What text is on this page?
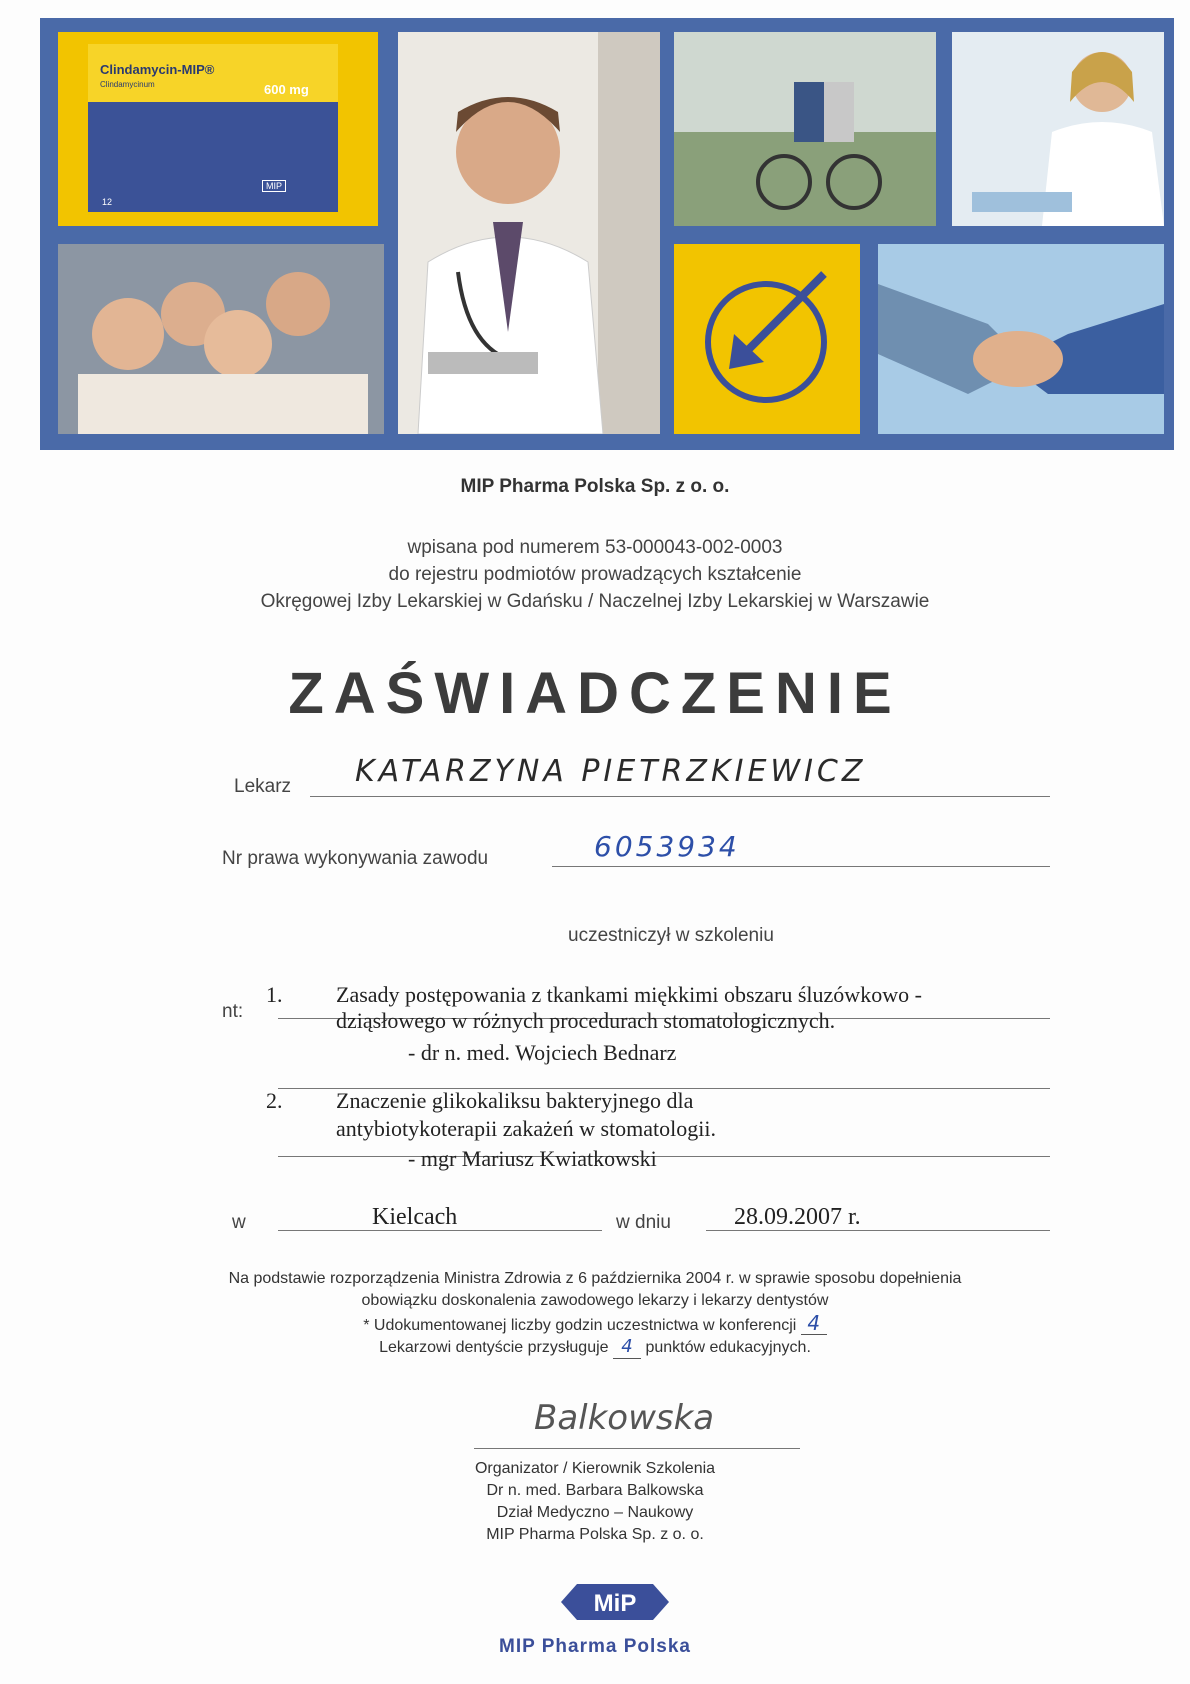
Clindamycin-MIP®
Clindamycinum	600 mg
12
MIP
MIP Pharma Polska Sp. z o. o.
wpisana pod numerem 53-000043-002-0003
do rejestru podmiotów prowadzących kształcenie
Okręgowej Izby Lekarskiej w Gdańsku / Naczelnej Izby Lekarskiej w Warszawie
ZAŚWIADCZENIE
Lekarz KATARZYNA PIETRZKIEWICZ
Nr prawa wykonywania zawodu	6053934
uczestniczył w szkoleniu
nt:
1. Zasady postępowania z tkankami miękkimi obszaru śluzówkowo -
dziąsłowego w różnych procedurach stomatologicznych.
- dr n. med. Wojciech Bednarz
2. Znaczenie glikokaliksu bakteryjnego dla
antybiotykoterapii zakażeń w stomatologii.
- mgr Mariusz Kwiatkowski
w	Kielcach	w dniu	28.09.2007 r.
Na podstawie rozporządzenia Ministra Zdrowia z 6 października 2004 r. w sprawie sposobu dopełnienia
obowiązku doskonalenia zawodowego lekarzy i lekarzy dentystów
* Udokumentowanej liczby godzin uczestnictwa w konferencji 4
Lekarzowi dentyście przysługuje 4 punktów edukacyjnych.
Balkowska
Organizator / Kierownik Szkolenia
Dr n. med. Barbara Balkowska
Dział Medyczno – Naukowy
MIP Pharma Polska Sp. z o. o.
MiP
MIP Pharma Polska
